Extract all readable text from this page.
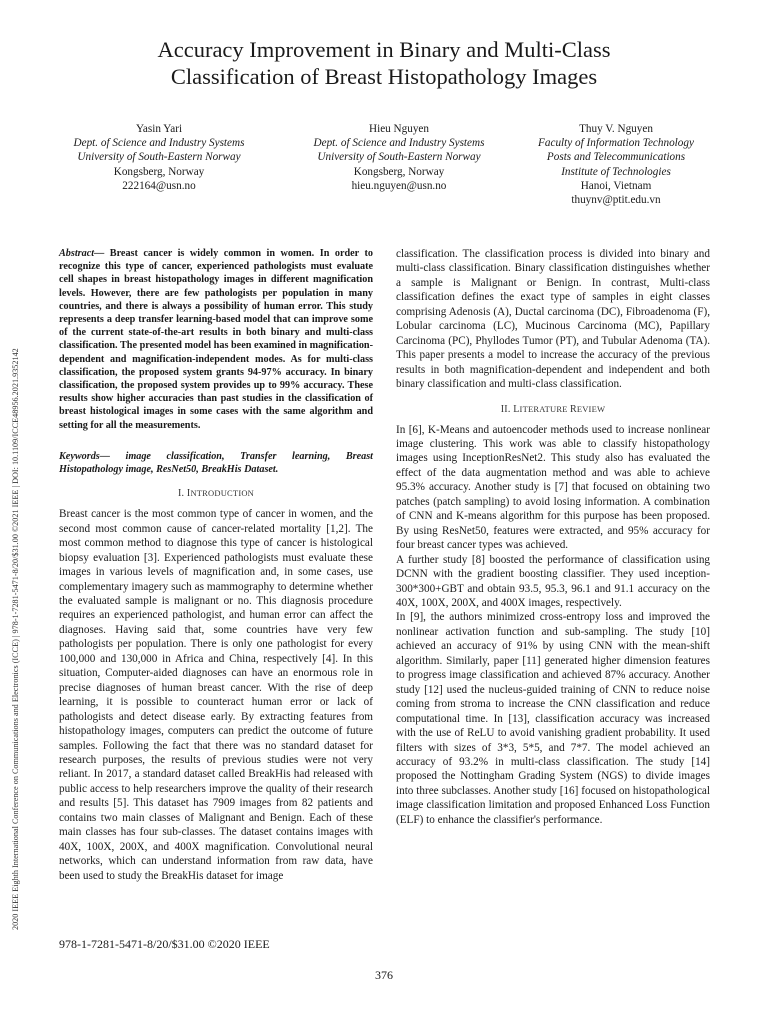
Accuracy Improvement in Binary and Multi-Class
Classification of Breast Histopathology Images
Yasin Yari
Dept. of Science and Industry Systems
University of South-Eastern Norway
Kongsberg, Norway
222164@usn.no
Hieu Nguyen
Dept. of Science and Industry Systems
University of South-Eastern Norway
Kongsberg, Norway
hieu.nguyen@usn.no
Thuy V. Nguyen
Faculty of Information Technology
Posts and Telecommunications
Institute of Technologies
Hanoi, Vietnam
thuynv@ptit.edu.vn
2020 IEEE Eighth International Conference on Communications and Electronics (ICCE) | 978-1-7281-5471-8/20/$31.00 ©2021 IEEE | DOI: 10.1109/ICCE48956.2021.9352142

Abstract— Breast cancer is widely common in women. In order to recognize this type of cancer, experienced pathologists must evaluate cell shapes in breast histopathology images in different magnification levels. However, there are few pathologists per population in many countries, and there is always a possibility of human error. This study represents a deep transfer learning-based model that can improve some of the current state-of-the-art results in both binary and multi-class classification. The presented model has been examined in magnification-dependent and magnification-independent modes. As for multi-class classification, the proposed system grants 94-97% accuracy. In binary classification, the proposed system provides up to 99% accuracy. These results show higher accuracies than past studies in the classification of breast histological images in some cases with the same algorithm and setting for all the measurements.

Keywords— image classification, Transfer learning, Breast Histopathology image, ResNet50, BreakHis Dataset.

I. INTRODUCTION

Breast cancer is the most common type of cancer in women, and the second most common cause of cancer-related mortality [1,2]. The most common method to diagnose this type of cancer is histological biopsy evaluation [3]. Experienced pathologists must evaluate these images in various levels of magnification and, in some cases, use complementary imagery such as mammography to determine whether the evaluated sample is malignant or no. This diagnosis procedure requires an experienced pathologist, and human error can affect the diagnoses. Having said that, some countries have very few pathologists per population. There is only one pathologist for every 100,000 and 130,000 in Africa and China, respectively [4]. In this situation, Computer-aided diagnoses can have an enormous role in precise diagnoses of human breast cancer. With the rise of deep learning, it is possible to counteract human error or lack of pathologists and detect disease early. By extracting features from histopathology images, computers can predict the outcome of future samples. Following the fact that there was no standard dataset for research purposes, the results of previous studies were not very reliant. In 2017, a standard dataset called BreakHis had released with public access to help researchers improve the quality of their research and results [5]. This dataset has 7909 images from 82 patients and contains two main classes of Malignant and Benign. Each of these main classes has four sub-classes. The dataset contains images with 40X, 100X, 200X, and 400X magnification. Convolutional neural networks, which can understand information from raw data, have been used to study the BreakHis dataset for image

classification. The classification process is divided into binary and multi-class classification. Binary classification distinguishes whether a sample is Malignant or Benign. In contrast, Multi-class classification defines the exact type of samples in eight classes comprising Adenosis (A), Ductal carcinoma (DC), Fibroadenoma (F), Lobular carcinoma (LC), Mucinous Carcinoma (MC), Papillary Carcinoma (PC), Phyllodes Tumor (PT), and Tubular Adenoma (TA). This paper presents a model to increase the accuracy of the previous results in both magnification-dependent and independent and both binary classification and multi-class classification.

II. LITERATURE REVIEW

In [6], K-Means and autoencoder methods used to increase nonlinear image clustering. This work was able to classify histopathology images using InceptionResNet2. This study also has evaluated the effect of the data augmentation method and was able to achieve 95.3% accuracy. Another study is [7] that focused on obtaining two patches (patch sampling) to avoid losing information. A combination of CNN and K-means algorithm for this purpose has been proposed. By using ResNet50, features were extracted, and 95% accuracy for four breast cancer types was achieved.

A further study [8] boosted the performance of classification using DCNN with the gradient boosting classifier. They used inception-300*300+GBT and obtain 93.5, 95.3, 96.1 and 91.1 accuracy on the 40X, 100X, 200X, and 400X images, respectively.

In [9], the authors minimized cross-entropy loss and improved the nonlinear activation function and sub-sampling. The study [10] achieved an accuracy of 91% by using CNN with the mean-shift algorithm. Similarly, paper [11] generated higher dimension features to progress image classification and achieved 87% accuracy. Another study [12] used the nucleus-guided training of CNN to reduce noise coming from stroma to increase the CNN classification and reduce computational time. In [13], classification accuracy was increased with the use of ReLU to avoid vanishing gradient probability. It used filters with sizes of 3*3, 5*5, and 7*7. The model achieved an accuracy of 93.2% in multi-class classification. The study [14] proposed the Nottingham Grading System (NGS) to divide images into three subclasses. Another study [16] focused on histopathological image classification limitation and proposed Enhanced Loss Function (ELF) to enhance the classifier's performance.

978-1-7281-5471-8/20/$31.00 ©2020 IEEE
376
